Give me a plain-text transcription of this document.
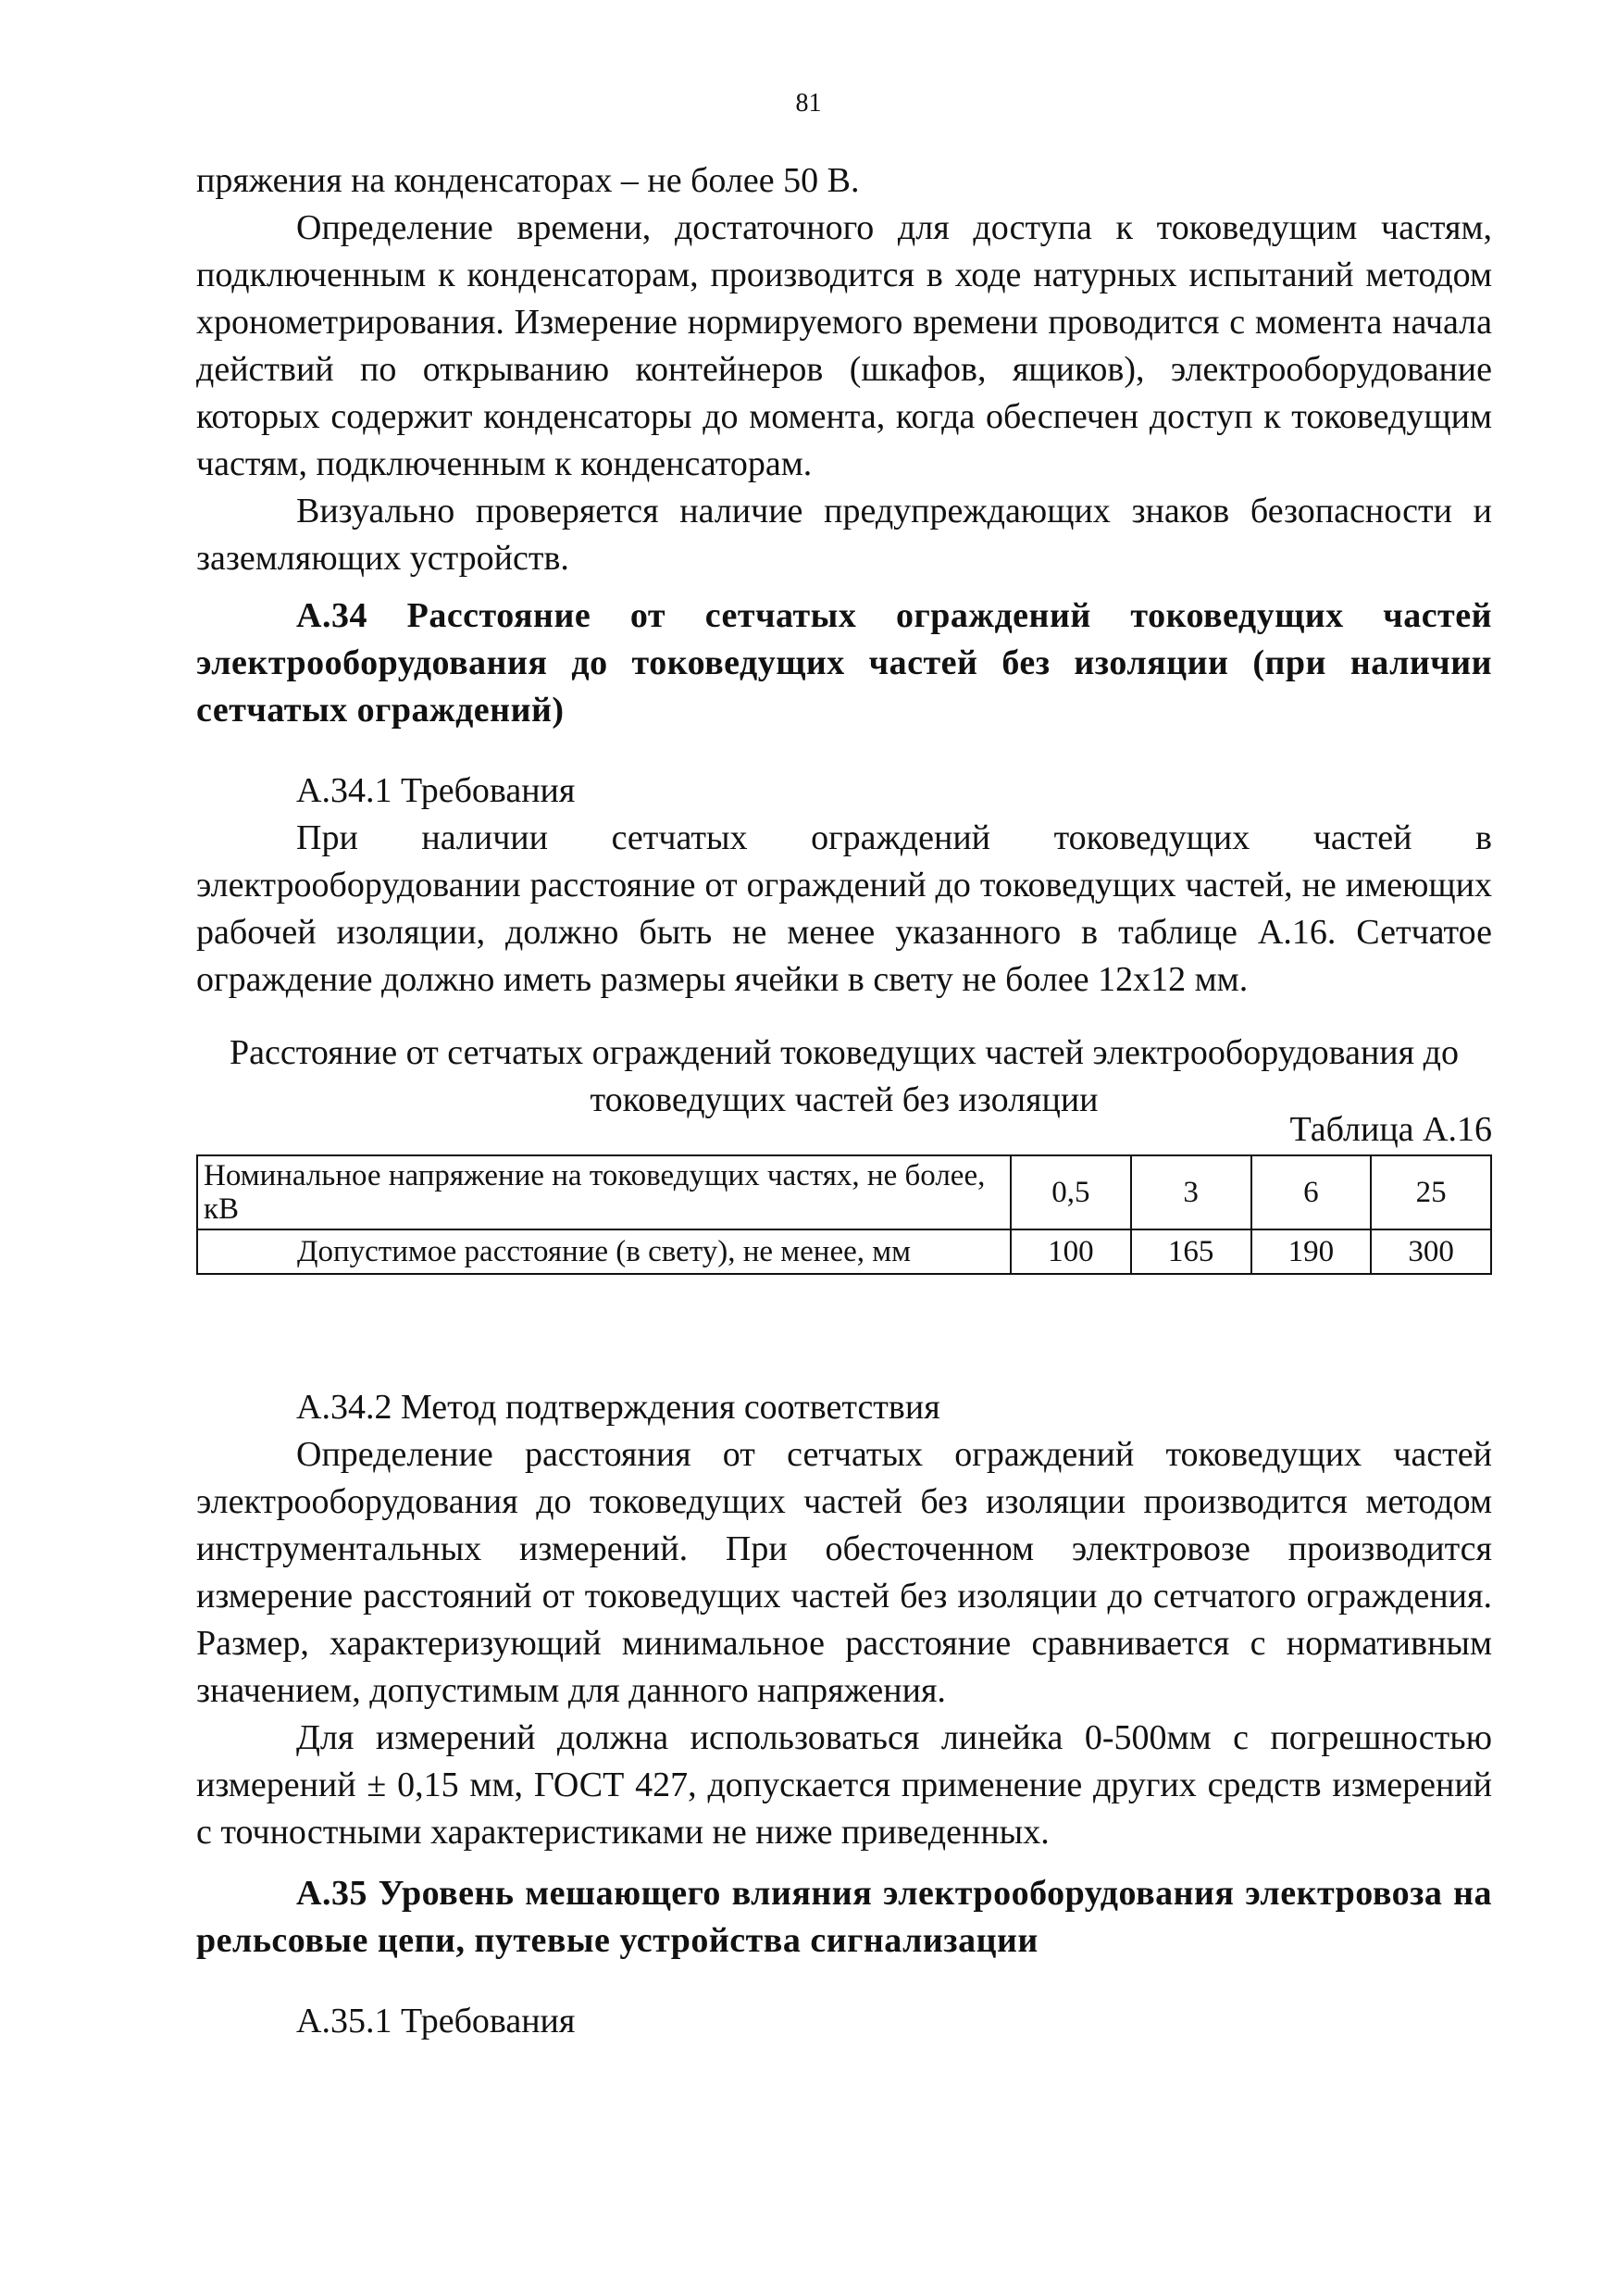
81

пряжения на конденсаторах – не более 50 В.

Определение времени, достаточного для доступа к токоведущим частям, подключенным к конденсаторам, производится в ходе натурных испытаний методом хронометрирования. Измерение нормируемого времени проводится с момента начала действий по открыванию контейнеров (шкафов, ящиков), электрооборудование которых содержит конденсаторы до момента, когда обеспечен доступ к токоведущим частям, подключенным к конденсаторам.

Визуально проверяется наличие предупреждающих знаков безопасности и заземляющих устройств.

А.34 Расстояние от сетчатых ограждений токоведущих частей электрооборудования до токоведущих частей без изоляции (при наличии сетчатых ограждений)

А.34.1 Требования

При наличии сетчатых ограждений токоведущих частей в электрооборудовании расстояние от ограждений до токоведущих частей, не имеющих рабочей изоляции, должно быть не менее указанного в таблице А.16. Сетчатое ограждение должно иметь размеры ячейки в свету не более 12х12 мм.

Расстояние от сетчатых ограждений токоведущих частей электрооборудования до токоведущих частей без изоляции
Таблица А.16
Номинальное напряжение на токоведущих частях, не более, кВ	0,5	3	6	25
Допустимое расстояние (в свету), не менее, мм	100	165	190	300

А.34.2 Метод подтверждения соответствия

Определение расстояния от сетчатых ограждений токоведущих частей электрооборудования до токоведущих частей без изоляции производится методом инструментальных измерений. При обесточенном электровозе производится измерение расстояний от токоведущих частей без изоляции до сетчатого ограждения. Размер, характеризующий минимальное расстояние сравнивается с нормативным значением, допустимым для данного напряжения.

Для измерений должна использоваться линейка 0-500мм с погрешностью измерений ± 0,15 мм, ГОСТ 427, допускается применение других средств измерений с точностными характеристиками не ниже приведенных.

А.35 Уровень мешающего влияния электрооборудования электровоза на рельсовые цепи, путевые устройства сигнализации

А.35.1 Требования
